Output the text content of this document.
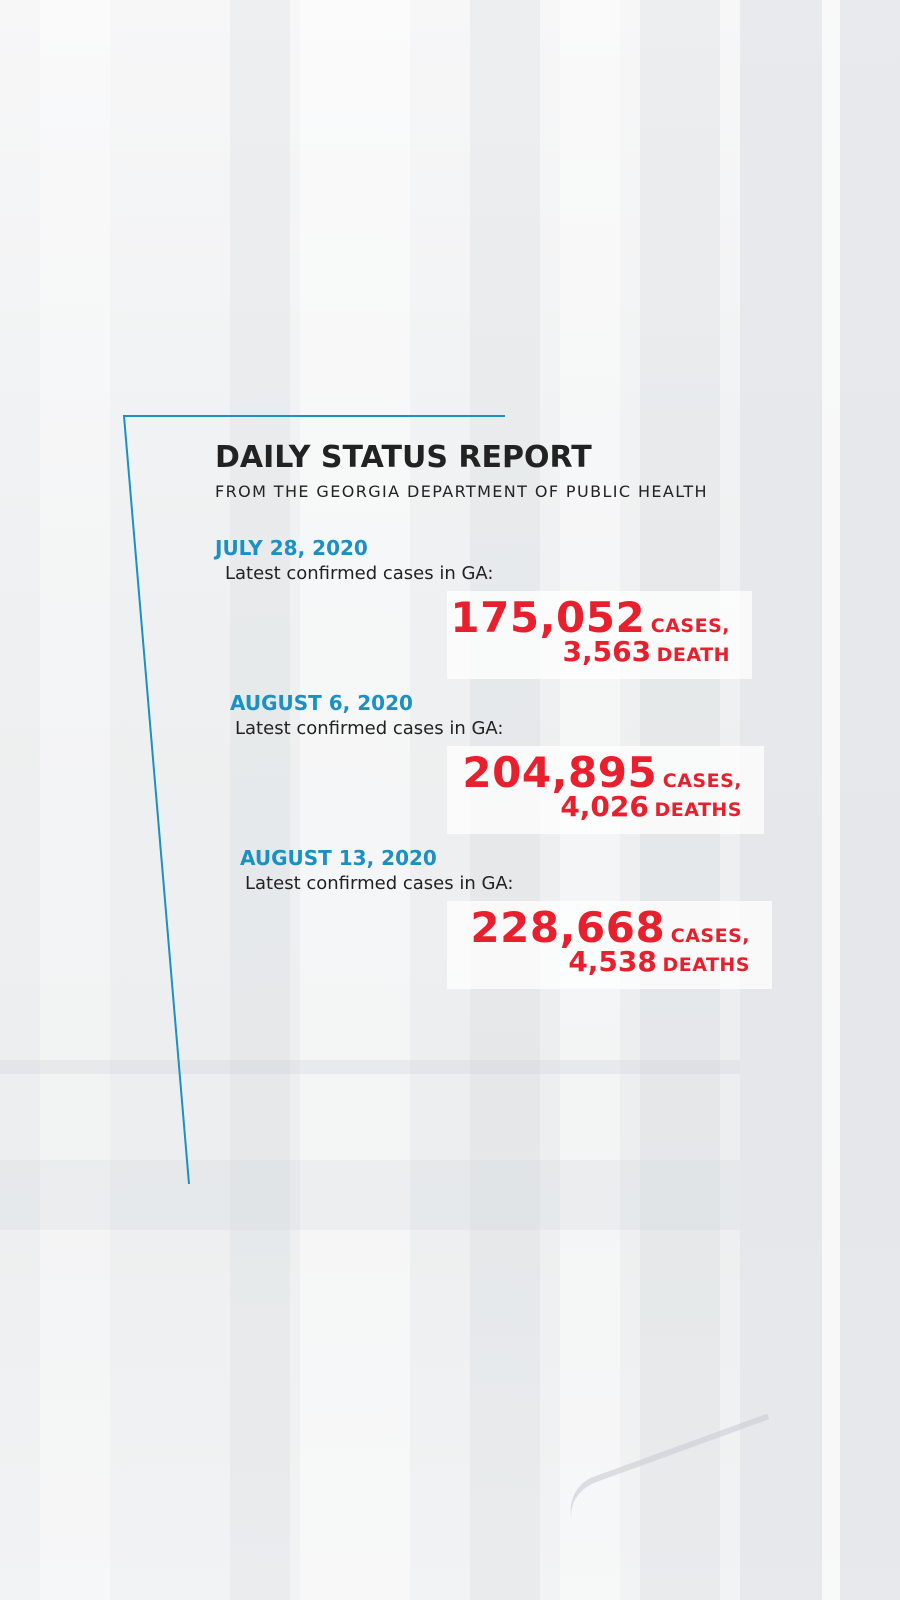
DAILY STATUS REPORT
FROM THE GEORGIA DEPARTMENT OF PUBLIC HEALTH
JULY 28, 2020
Latest confirmed cases in GA:
175,052 CASES,
3,563 DEATH
AUGUST 6, 2020
Latest confirmed cases in GA:
204,895 CASES,
4,026 DEATHS
AUGUST 13, 2020
Latest confirmed cases in GA:
228,668 CASES,
4,538 DEATHS
